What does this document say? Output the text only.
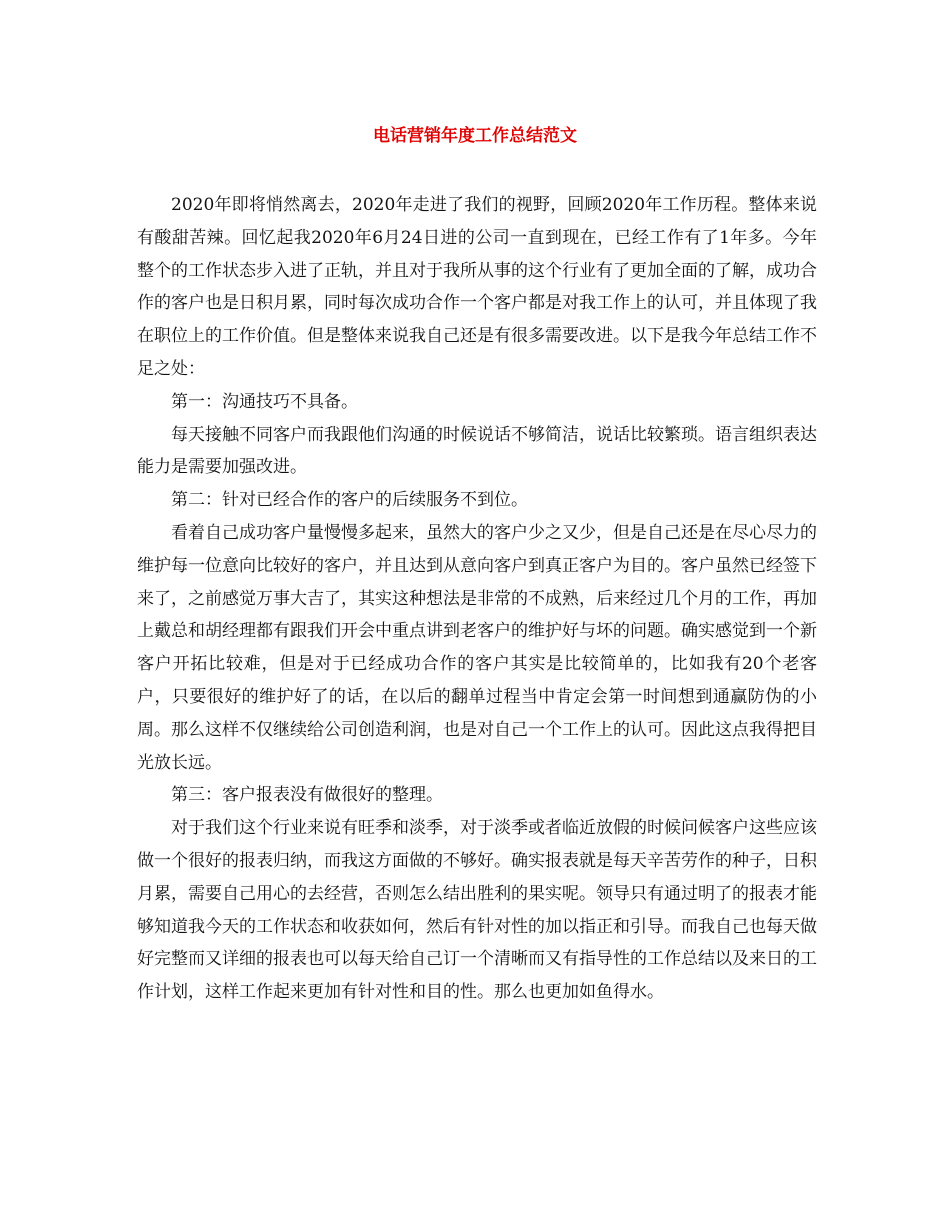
电话营销年度工作总结范文

2020年即将悄然离去，2020年走进了我们的视野，回顾2020年工作历程。整体来说有酸甜苦辣。回忆起我2020年6月24日进的公司一直到现在，已经工作有了1年多。今年整个的工作状态步入进了正轨，并且对于我所从事的这个行业有了更加全面的了解，成功合作的客户也是日积月累，同时每次成功合作一个客户都是对我工作上的认可，并且体现了我在职位上的工作价值。但是整体来说我自己还是有很多需要改进。以下是我今年总结工作不足之处：

第一：沟通技巧不具备。

每天接触不同客户而我跟他们沟通的时候说话不够简洁，说话比较繁琐。语言组织表达能力是需要加强改进。

第二：针对已经合作的客户的后续服务不到位。

看着自己成功客户量慢慢多起来，虽然大的客户少之又少，但是自己还是在尽心尽力的维护每一位意向比较好的客户，并且达到从意向客户到真正客户为目的。客户虽然已经签下来了，之前感觉万事大吉了，其实这种想法是非常的不成熟，后来经过几个月的工作，再加上戴总和胡经理都有跟我们开会中重点讲到老客户的维护好与坏的问题。确实感觉到一个新客户开拓比较难，但是对于已经成功合作的客户其实是比较简单的，比如我有20个老客户，只要很好的维护好了的话，在以后的翻单过程当中肯定会第一时间想到通赢防伪的小周。那么这样不仅继续给公司创造利润，也是对自己一个工作上的认可。因此这点我得把目光放长远。

第三：客户报表没有做很好的整理。

对于我们这个行业来说有旺季和淡季，对于淡季或者临近放假的时候问候客户这些应该做一个很好的报表归纳，而我这方面做的不够好。确实报表就是每天辛苦劳作的种子，日积月累，需要自己用心的去经营，否则怎么结出胜利的果实呢。领导只有通过明了的报表才能够知道我今天的工作状态和收获如何，然后有针对性的加以指正和引导。而我自己也每天做好完整而又详细的报表也可以每天给自己订一个清晰而又有指导性的工作总结以及来日的工作计划，这样工作起来更加有针对性和目的性。那么也更加如鱼得水。
